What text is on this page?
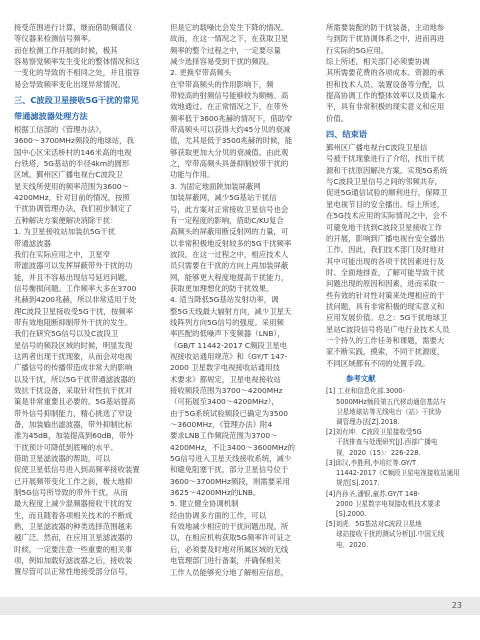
接受范围进行计算，继而借助频谱仪
等仪器来检测信号频率。
而在检测工作开展的时候，极其
容易察觉频率发生变化的整体情况和这
一变化的导致的不相同之处，并且很容
易会导致频率变化出现异常情况。
三、C波段卫星接收5G干扰的常见
带通滤波器处理方法
根据工信部的《管理办法》，
3600～3700MHz频段的地球站，我
国中心区宋活桥村的146米高的电视
台铁塔，5G基站的半径4km的圆形
区域。鄞州区广播电视台C波段卫
星天线所使用的频率范围为3600～
4200MHz，针对目前的情况，按照
干扰协调管理办法，我们初步制定了
五种解决方案便解决消除干扰：
1. 为卫星接收站加装抗5G干扰
带通滤波器
我们在实际应用之中，卫星窄
带滤波器可以发挥屏蔽带外干扰的功
能，并且不容易出现信号延迟问题，
信号衡损问题。工作频率大多在3700
兆赫到4200兆赫，所以非常适用于处
理C波段卫星接收受5G干扰，按频率
带有效地阻断抑制带外干扰的发生。
我们在研究5G信号以及C波段卫
星信号的频段区域的时候，明显发现
这两者出现干扰现象，从而会对电视
广播信号的传播带造成非常大的影响
以及干扰，所以5G干扰带通滤波器的
效抗干扰设备，采取针对性抗干扰对
策是非常重要且必要的。5G基站提高
带外信号抑制能力，精心挑选了窄设
备，加装输出滤波器，带外抑制比标
准为45dB，加装提高到60dB，带外
干扰预计可降低到底噪的水平。
借助卫星滤波器的帮助，可以
促使卫星低信号进入到高频率接收装置
已开展频带变化工作之前，极大地抑
制5G信号所导致的带外干扰，从而
最大程度上减少混频器接收干扰的发
生，而且随着各项相关技术的不断成
熟，卫星滤波器的种类选择范围越来
越广泛。然而，在应用卫星滤波器的
时候，一定要注意一些重要的相关事
项，例如加载好滤波器之后，接收装
置尽管可以正常性地接受部分信号，
但是它的载噪比会发生下降的情况。
故而，在这一情况之下，在获取卫星
频率的整个过程之中，一定要尽量
减少选择容易受到干扰的频段。
2. 更换窄带高频头
在窄带高频头的作用影响下，频
带较高的射频信号能够较为顺畅、高
效地通过。在正常情况之下，在带外
频率低于3600兆赫的情况下，借助窄
带高频头可以获得大约45分贝的衰减
值，尤其是低于3500兆赫的时候，能
够获取更加大分贝的衰减值。由此观
之，窄带高频头具备抑制较带干扰的
功能与作用。
3. 为固定地面陕加装屏蔽网
加装屏蔽网，减少5G基站干扰信
号，此方案对正常接收卫星信号也会
有一定程度的影响，借助C/KU复合
高频头的屏蔽用断反射网的力量，可
以非常积极地反射较多的5G干扰频率
波段。在这一过程之中，相应技术人
员只需要在干扰的方向上再加装屏蔽
网，能够更大程度地提高干扰能力，
获取更加理想化的防干扰效果。
4. 适当降低5G基站发射功率，调
整5G天线最大辐射方向，减少卫星天
线阵列方向5G信号的强度。采用频
率匹配的低噪声下变频器（LNB），
《GB/T 11442-2017 C频段卫星电
视接收站通用规范》和《GY/T 147-
2000 卫星数字电视接收站通用技
术要求》都规定，卫星电视接收站
接收频段范围为3700～4200MHz
（可拓展至3400～4200MHz），
由于5G系统试验频段已确定为3500
～3600MHz，《管理办法》附4
要求LNB工作频段范围为3700～
4200MHz，不让3400～3600MHz的
5G信号进入卫星天线接收系统，减少
和避免阻塞干扰，部分卫星信号位于
3600～3700MHz频段，则需要采用
3625～4200MHz的LNB。
5. 建立健全协调机制
经由协调多方面的工作，可以
有效地减少相应的干扰问题出现。所
以，在相应机构获取5G频率许可证之
后，必须要及时地对所属区域的无线
电管理部门进行备案，并确保相关
工作人员能够充分地了解相应信息，
所需要装配的防干扰装备，主动地参
与到防干扰协调体系之中，进而再进
行实际的5G应用。
综上所述，相关部门必须要协调
其所需要花费的各项成本、资源的承
担和技术人员、装置设备等分配，以
提高协调工作的整体效率以及质量水
平，具有非常积极的现实意义和应用
价值。
四、结束语
鄞州区广播电视台C波段卫星信
号被干扰现象进行了介绍，找出干扰
源和干扰原因解决方案。实现5G系统
与C波段卫星信号之间的邻频共存，
促进5G通信试验的顺利进行，保障卫
星电视节目的安全播出。综上所述，
在5G技术应用的实际情况之中，会不
可避免地干扰到C波段卫星接收工作
的开展，影响到广播电视台安全播出
工作。因此，我们技术部门及时地对
其中可能出现的各项干扰因素进行及
时、全面地排查，了解可能导致干扰
问题出现的原因和因素，进而采取一
些有效的针对性对策来处理相应的干
扰问题，具有非常积极的现实意义和
应用发展价值。总之：5G干扰地球卫
星站C波段信号将是广电行业技术人员
一个持久的工作任务和课题，需要大
家不断实践，摸索，不同干扰源度，
不同区域都有不同的处置手段。
参考文献
[1] 工业和信息化部.3000-
5000MHz频段第五代移动通信基站与
卫星地球站等无线电台（站）干扰协
调管理办法[Z].2018.
[2]刘有坤．C波段卫星接收受5G
干扰排查与处理研究[J].西部广播电
视．2020（15）：226-228.
[3]邱汉,李胜利,李培红等.GY/T
11442-2017《C频段卫星电视接收站通用
规范[S].2017.
[4]肖孙圣,潘银,童苏.GY/T 148-
2000 卫星数字电视接收机技术要求
[S].2000.
[5]刘虎．5G基站对C波段卫星地
球站接收干扰的测试分析[J].中国无线
电．2020.
23
